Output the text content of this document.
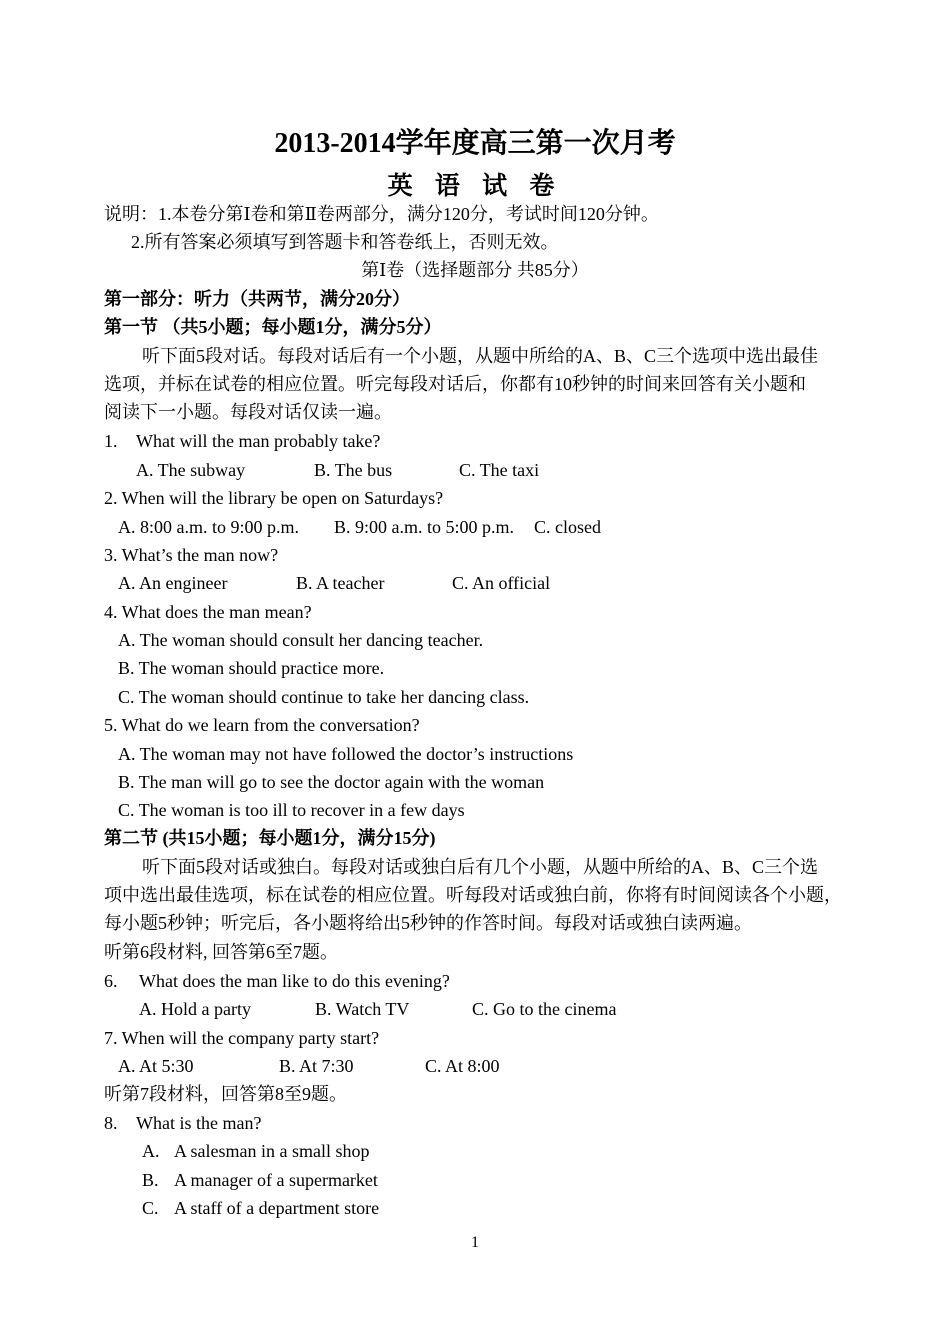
2013-2014学年度高三第一次月考
英 语 试 卷
说明：1.本卷分第Ⅰ卷和第Ⅱ卷两部分，满分120分，考试时间120分钟。
2.所有答案必须填写到答题卡和答卷纸上，否则无效。
第Ⅰ卷（选择题部分 共85分）
第一部分：听力（共两节，满分20分）
第一节 （共5小题；每小题1分，满分5分）
听下面5段对话。每段对话后有一个小题，从题中所给的A、B、C三个选项中选出最佳
选项，并标在试卷的相应位置。听完每段对话后，你都有10秒钟的时间来回答有关小题和
阅读下一小题。每段对话仅读一遍。
1. What will the man probably take?
A. The subway	B. The bus	C. The taxi
2. When will the library be open on Saturdays?
A. 8:00 a.m. to 9:00 p.m. B. 9:00 a.m. to 5:00 p.m. C. closed
3. What’s the man now?
A. An engineer	B. A teacher	C. An official
4. What does the man mean?
A. The woman should consult her dancing teacher.
B. The woman should practice more.
C. The woman should continue to take her dancing class.
5. What do we learn from the conversation?
A. The woman may not have followed the doctor’s instructions
B. The man will go to see the doctor again with the woman
C. The woman is too ill to recover in a few days
第二节 (共15小题；每小题1分，满分15分)
听下面5段对话或独白。每段对话或独白后有几个小题，从题中所给的A、B、C三个选
项中选出最佳选项，标在试卷的相应位置。听每段对话或独白前，你将有时间阅读各个小题，
每小题5秒钟；听完后，各小题将给出5秒钟的作答时间。每段对话或独白读两遍。
听第6段材料, 回答第6至7题。
6. What does the man like to do this evening?
A. Hold a party	B. Watch TV	C. Go to the cinema
7. When will the company party start?
A. At 5:30	B. At 7:30	C. At 8:00
听第7段材料，回答第8至9题。
8. What is the man?
A. A salesman in a small shop
B. A manager of a supermarket
C. A staff of a department store
1
